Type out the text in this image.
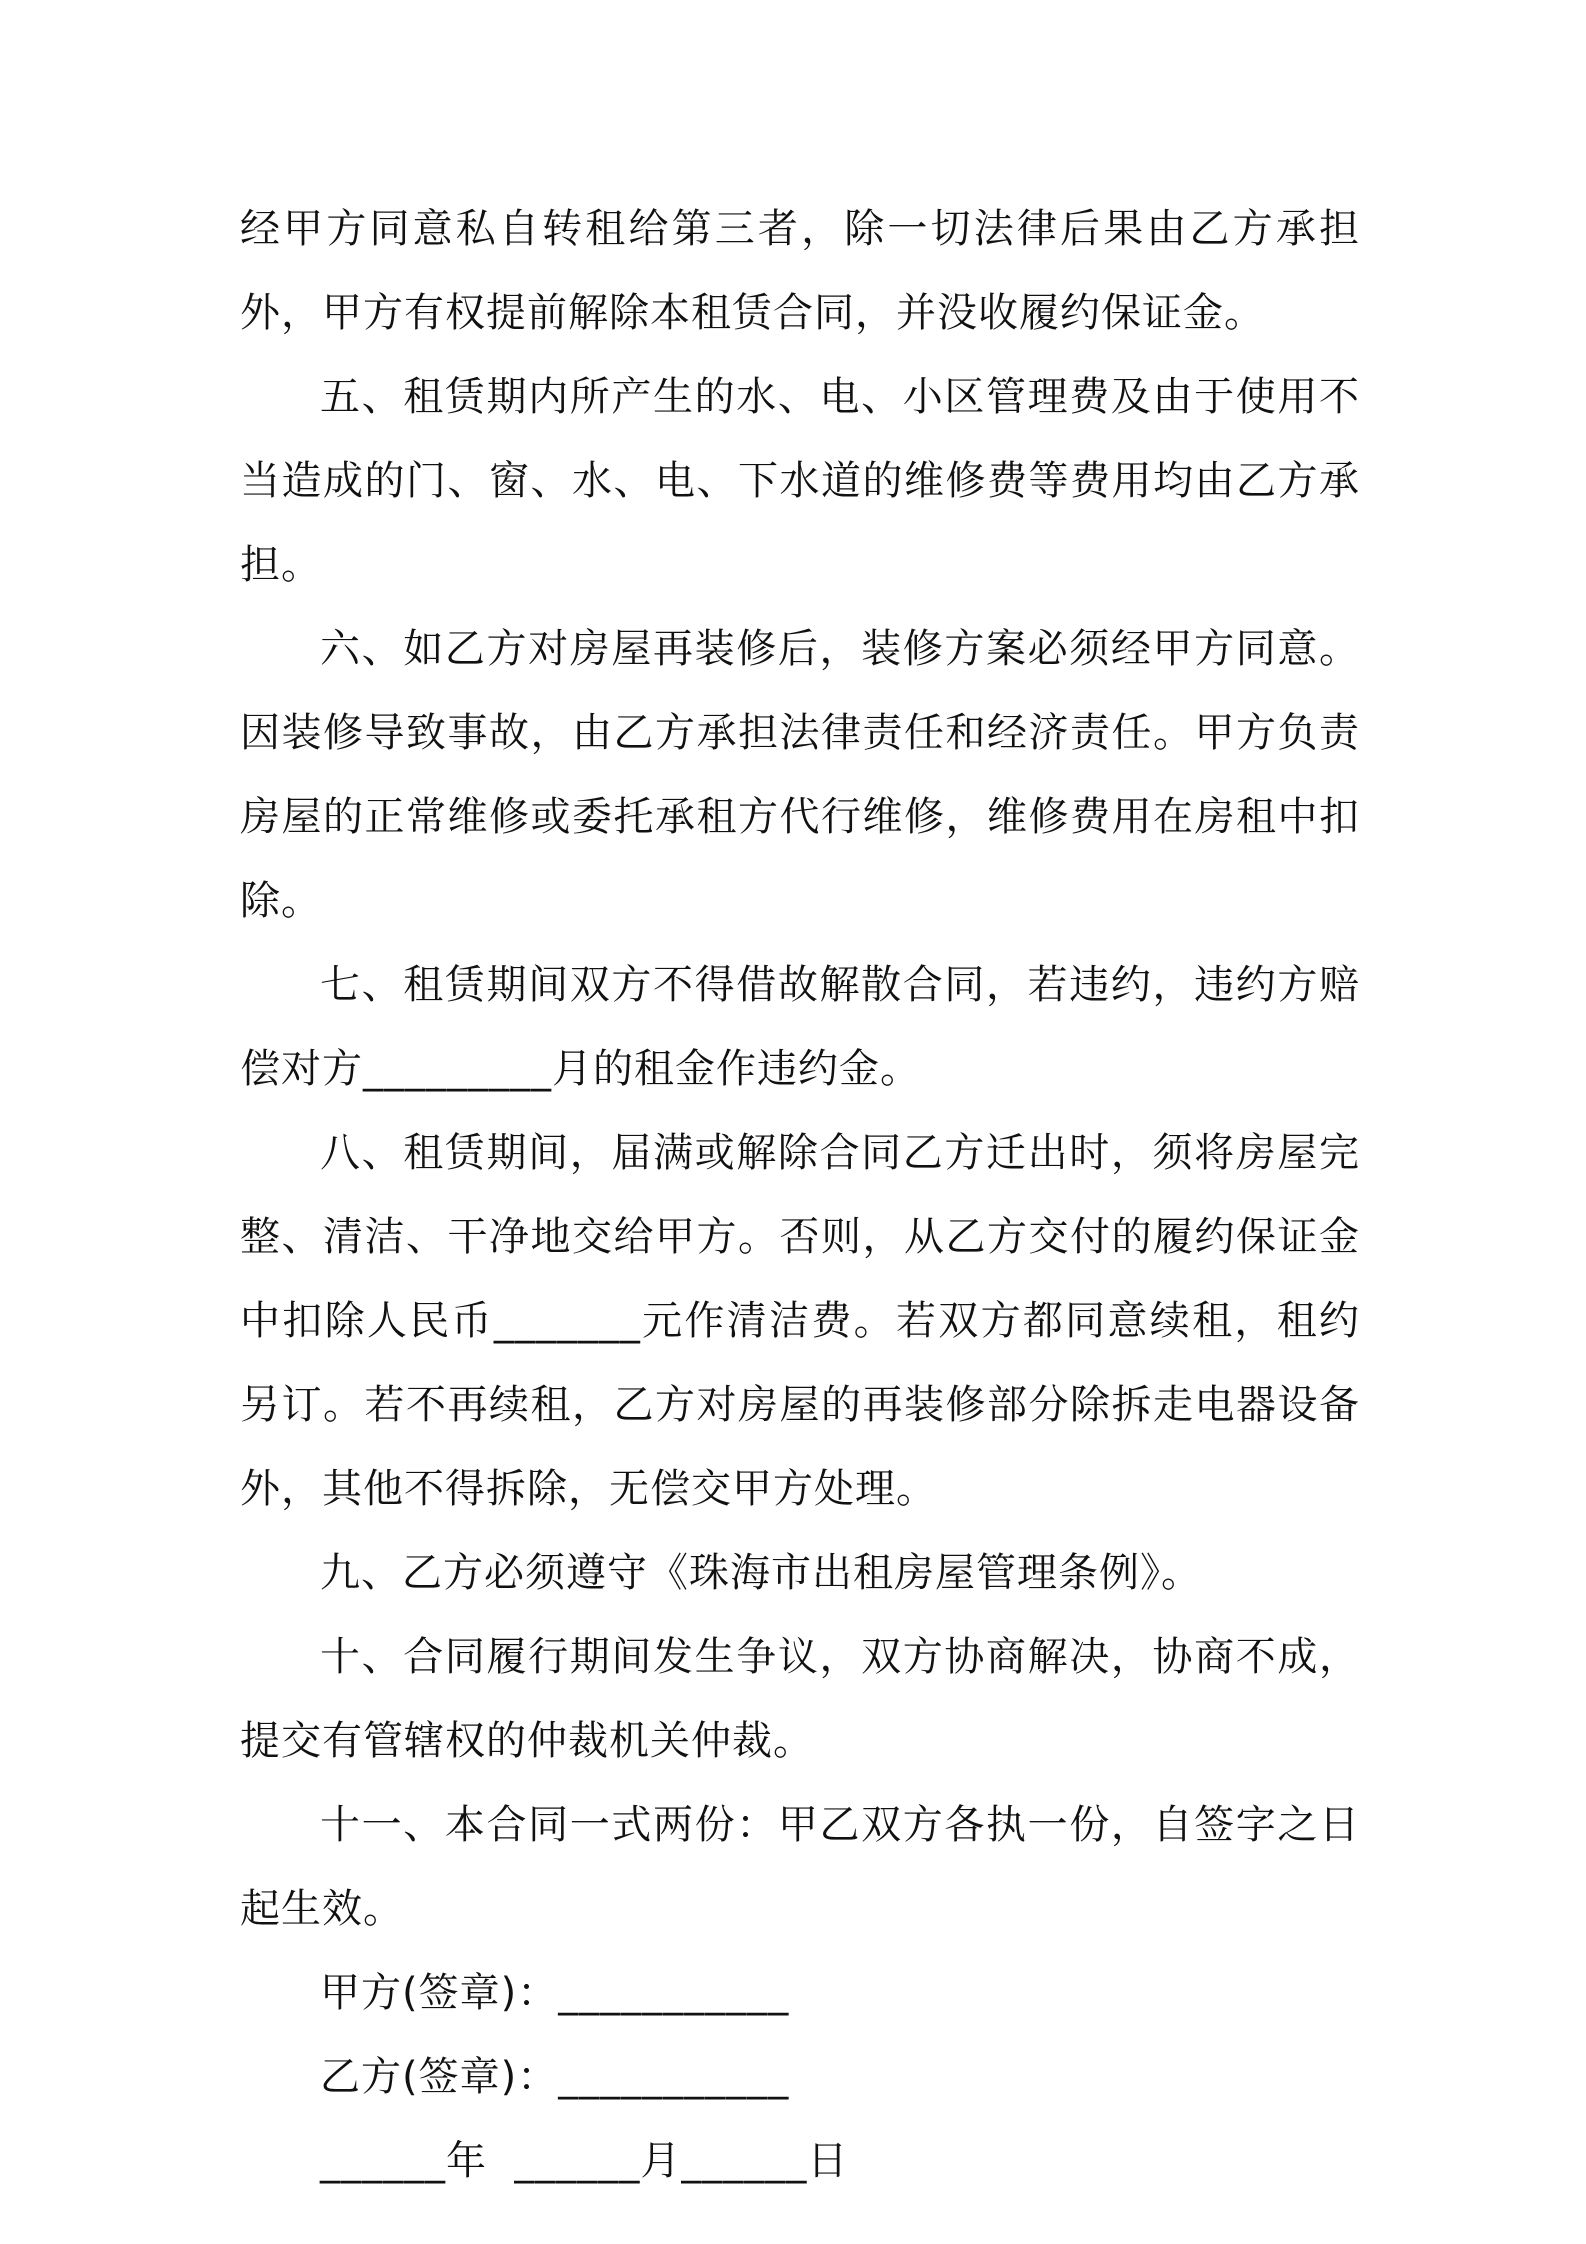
经甲方同意私自转租给第三者，除一切法律后果由乙方承担外，甲方有权提前解除本租赁合同，并没收履约保证金。

五、租赁期内所产生的水、电、小区管理费及由于使用不当造成的门、窗、水、电、下水道的维修费等费用均由乙方承担。

六、如乙方对房屋再装修后，装修方案必须经甲方同意。因装修导致事故，由乙方承担法律责任和经济责任。甲方负责房屋的正常维修或委托承租方代行维修，维修费用在房租中扣除。

七、租赁期间双方不得借故解散合同，若违约，违约方赔偿对方_________月的租金作违约金。

八、租赁期间，届满或解除合同乙方迁出时，须将房屋完整、清洁、干净地交给甲方。否则，从乙方交付的履约保证金中扣除人民币_______元作清洁费。若双方都同意续租，租约另订。若不再续租，乙方对房屋的再装修部分除拆走电器设备外，其他不得拆除，无偿交甲方处理。

九、乙方必须遵守《珠海市出租房屋管理条例》。

十、合同履行期间发生争议，双方协商解决，协商不成，提交有管辖权的仲裁机关仲裁。

十一、本合同一式两份：甲乙双方各执一份，自签字之日起生效。

甲方(签章)：___________

乙方(签章)：___________

______年  ______月______日
